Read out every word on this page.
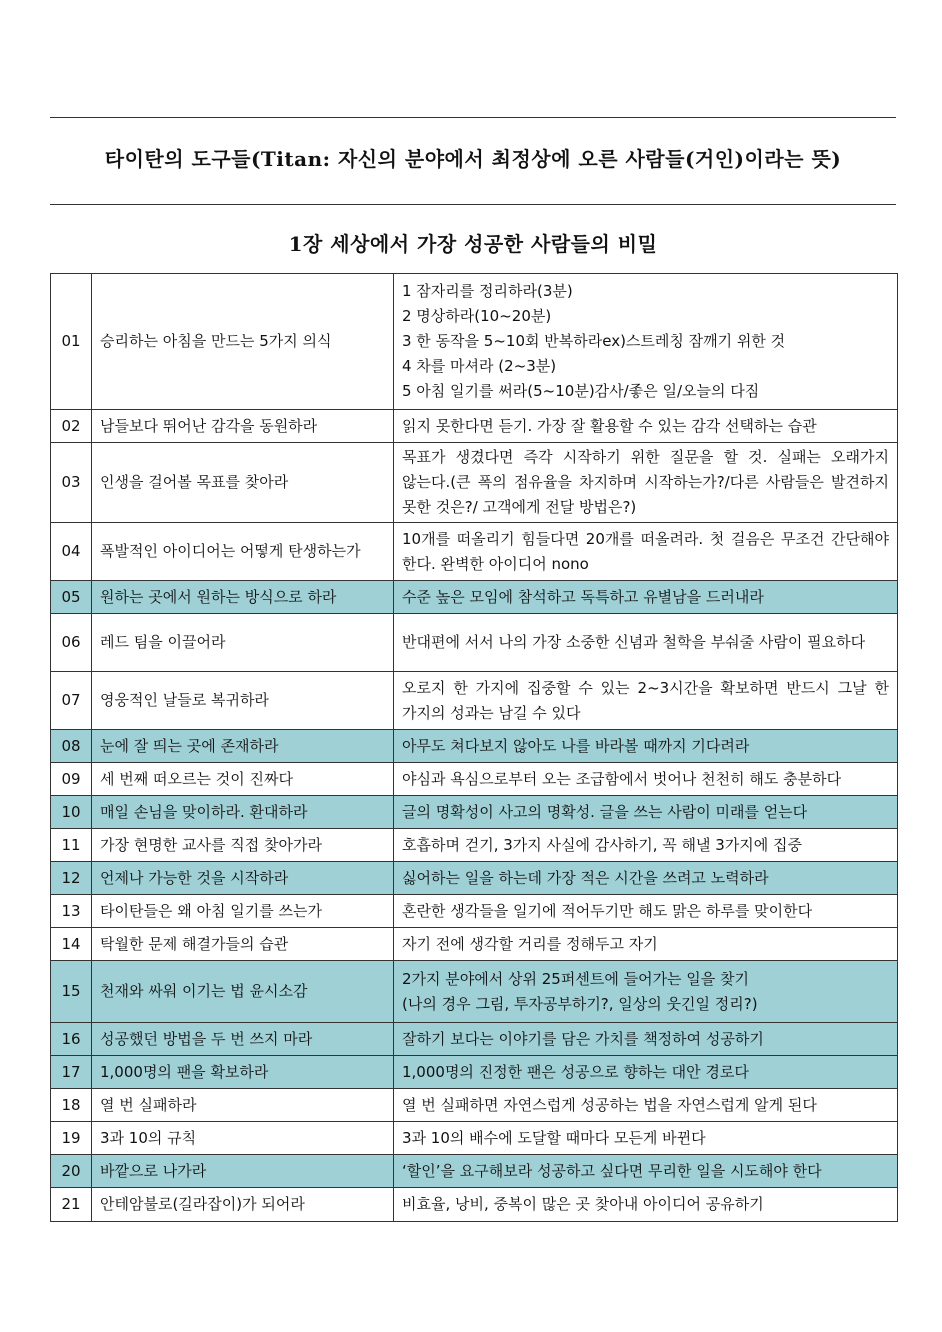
타이탄의 도구들(Titan: 자신의 분야에서 최정상에 오른 사람들(거인)이라는 뜻)
1장 세상에서 가장 성공한 사람들의 비밀
01	승리하는 아침을 만드는 5가지 의식	1 잠자리를 정리하라(3분)
2 명상하라(10~20분)
3 한 동작을 5~10회 반복하라ex)스트레칭 잠깨기 위한 것
4 차를 마셔라 (2~3분)
5 아침 일기를 써라(5~10분)감사/좋은 일/오늘의 다짐

02	남들보다 뛰어난 감각을 동원하라	읽지 못한다면 듣기. 가장 잘 활용할 수 있는 감각 선택하는 습관

03	인생을 걸어볼 목표를 찾아라	목표가 생겼다면 즉각 시작하기 위한 질문을 할 것. 실패는 오래가지 않는다.(큰 폭의 점유율을 차지하며 시작하는가?/다른 사람들은 발견하지 못한 것은?/ 고객에게 전달 방법은?)

04	폭발적인 아이디어는 어떻게 탄생하는가	10개를 떠올리기 힘들다면 20개를 떠올려라. 첫 걸음은 무조건 간단해야 한다. 완벽한 아이디어 nono

05	원하는 곳에서 원하는 방식으로 하라	수준 높은 모임에 참석하고 독특하고 유별남을 드러내라

06	레드 팀을 이끌어라	반대편에 서서 나의 가장 소중한 신념과 철학을 부숴줄 사람이 필요하다

07	영웅적인 날들로 복귀하라	오로지 한 가지에 집중할 수 있는 2~3시간을 확보하면 반드시 그날 한 가지의 성과는 남길 수 있다

08	눈에 잘 띄는 곳에 존재하라	아무도 쳐다보지 않아도 나를 바라볼 때까지 기다려라

09	세 번째 떠오르는 것이 진짜다	야심과 욕심으로부터 오는 조급함에서 벗어나 천천히 해도 충분하다

10	매일 손님을 맞이하라. 환대하라	글의 명확성이 사고의 명확성. 글을 쓰는 사람이 미래를 얻는다

11	가장 현명한 교사를 직접 찾아가라	호흡하며 걷기, 3가지 사실에 감사하기, 꼭 해낼 3가지에 집중

12	언제나 가능한 것을 시작하라	싫어하는 일을 하는데 가장 적은 시간을 쓰려고 노력하라

13	타이탄들은 왜 아침 일기를 쓰는가	혼란한 생각들을 일기에 적어두기만 해도 맑은 하루를 맞이한다

14	탁월한 문제 해결가들의 습관	자기 전에 생각할 거리를 정해두고 자기

15	천재와 싸워 이기는 법 윤시소감	2가지 분야에서 상위 25퍼센트에 들어가는 일을 찾기
(나의 경우 그림, 투자공부하기?, 일상의 웃긴일 정리?)

16	성공했던 방법을 두 번 쓰지 마라	잘하기 보다는 이야기를 담은 가치를 책정하여 성공하기

17	1,000명의 팬을 확보하라	1,000명의 진정한 팬은 성공으로 향하는 대안 경로다

18	열 번 실패하라	열 번 실패하면 자연스럽게 성공하는 법을 자연스럽게 알게 된다

19	3과 10의 규칙	3과 10의 배수에 도달할 때마다 모든게 바뀐다

20	바깥으로 나가라	‘할인’을 요구해보라 성공하고 싶다면 무리한 일을 시도해야 한다

21	안테암불로(길라잡이)가 되어라	비효율, 낭비, 중복이 많은 곳 찾아내 아이디어 공유하기
